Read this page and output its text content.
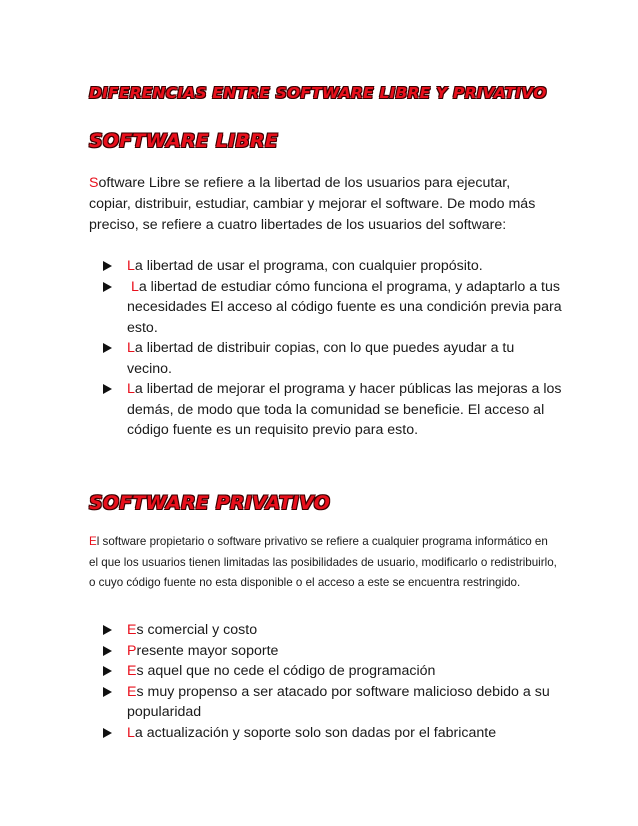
DIFERENCIAS ENTRE SOFTWARE LIBRE Y PRIVATIVO
SOFTWARE LIBRE
Software Libre se refiere a la libertad de los usuarios para ejecutar, copiar, distribuir, estudiar, cambiar y mejorar el software. De modo más preciso, se refiere a cuatro libertades de los usuarios del software:
La libertad de usar el programa, con cualquier propósito.
La libertad de estudiar cómo funciona el programa, y adaptarlo a tus necesidades El acceso al código fuente es una condición previa para esto.
La libertad de distribuir copias, con lo que puedes ayudar a tu vecino.
La libertad de mejorar el programa y hacer públicas las mejoras a los demás, de modo que toda la comunidad se beneficie. El acceso al código fuente es un requisito previo para esto.
SOFTWARE PRIVATIVO
El software propietario o software privativo se refiere a cualquier programa informático en el que los usuarios tienen limitadas las posibilidades de usuario, modificarlo o redistribuirlo, o cuyo código fuente no esta disponible o el acceso a este se encuentra restringido.
Es comercial y costo
Presente mayor soporte
Es aquel que no cede el código de programación
Es muy propenso a ser atacado por software malicioso debido a su   popularidad
La actualización y soporte solo son dadas por el fabricante
